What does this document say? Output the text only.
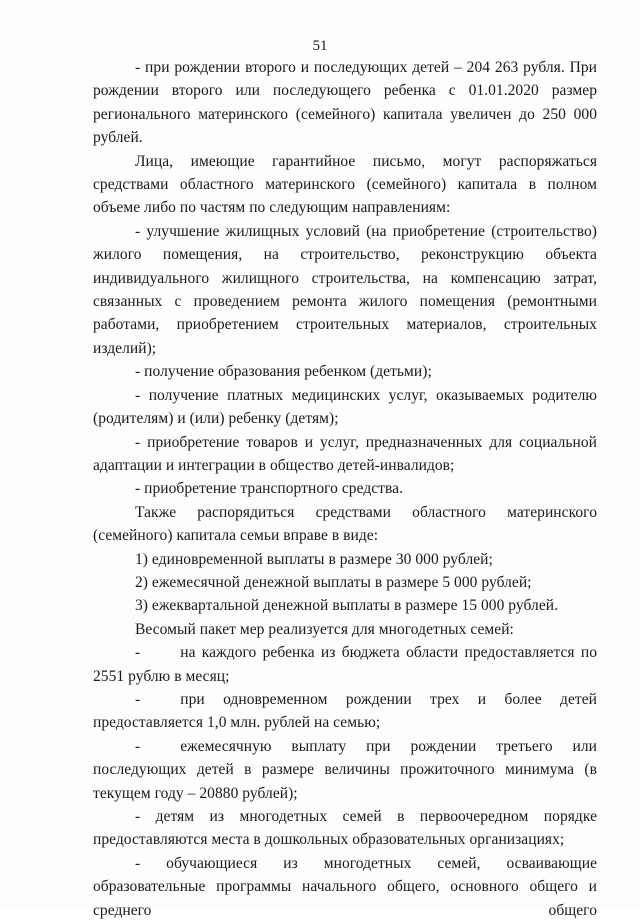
51

- при рождении второго и последующих детей – 204 263 рубля. При рождении второго или последующего ребенка с 01.01.2020 размер регионального материнского (семейного) капитала увеличен до 250 000 рублей.

Лица, имеющие гарантийное письмо, могут распоряжаться средствами областного материнского (семейного) капитала в полном объеме либо по частям по следующим направлениям:

- улучшение жилищных условий (на приобретение (строительство) жилого помещения, на строительство, реконструкцию объекта индивидуального жилищного строительства, на компенсацию затрат, связанных с проведением ремонта жилого помещения (ремонтными работами, приобретением строительных материалов, строительных изделий);

- получение образования ребенком (детьми);

- получение платных медицинских услуг, оказываемых родителю (родителям) и (или) ребенку (детям);

- приобретение товаров и услуг, предназначенных для социальной адаптации и интеграции в общество детей-инвалидов;

- приобретение транспортного средства.

Также распорядиться средствами областного материнского (семейного) капитала семьи вправе в виде:

1) единовременной выплаты в размере 30 000 рублей;

2) ежемесячной денежной выплаты в размере 5 000 рублей;

3) ежеквартальной денежной выплаты в размере 15 000 рублей.

Весомый пакет мер реализуется для многодетных семей:

-	на каждого ребенка из бюджета области предоставляется по 2551 рублю в месяц;

-	при одновременном рождении трех и более детей предоставляется 1,0 млн. рублей на семью;

-	ежемесячную выплату при рождении третьего или последующих детей в размере величины прожиточного минимума (в текущем году – 20880 рублей);

- детям из многодетных семей в первоочередном порядке предоставляются места в дошкольных образовательных организациях;

- обучающиеся из многодетных семей, осваивающие образовательные программы начального общего, основного общего и среднего общего
